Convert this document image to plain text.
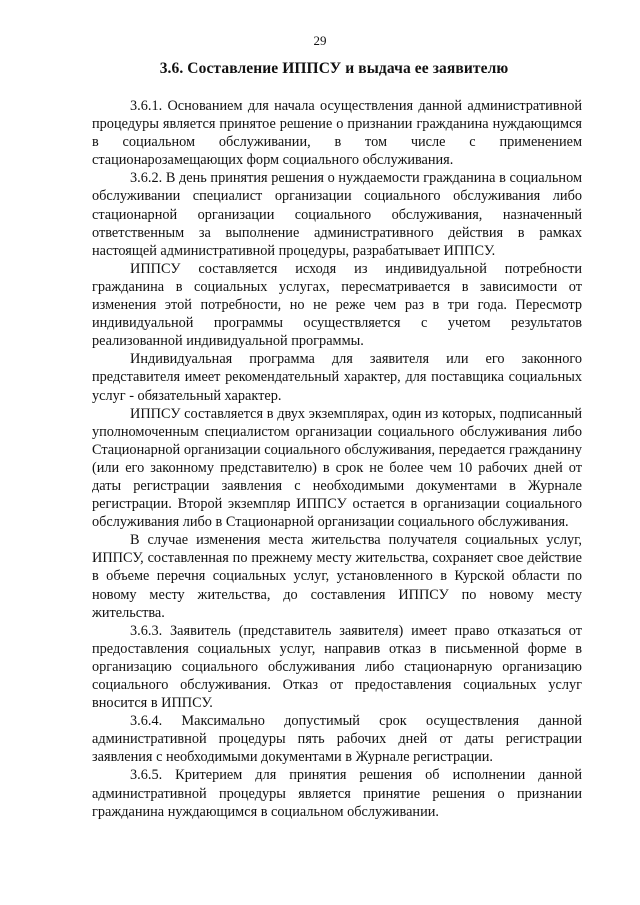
29
3.6. Составление ИППСУ и выдача ее заявителю

3.6.1. Основанием для начала осуществления данной административной процедуры является принятое решение о признании гражданина нуждающимся в социальном обслуживании, в том числе с применением стационарозамещающих форм социального обслуживания.

3.6.2. В день принятия решения о нуждаемости гражданина в социальном обслуживании специалист организации социального обслуживания либо стационарной организации социального обслуживания, назначенный ответственным за выполнение административного действия в рамках настоящей административной процедуры, разрабатывает ИППСУ.

ИППСУ составляется исходя из индивидуальной потребности гражданина в социальных услугах, пересматривается в зависимости от изменения этой потребности, но не реже чем раз в три года. Пересмотр индивидуальной программы осуществляется с учетом результатов реализованной индивидуальной программы.

Индивидуальная программа для заявителя или его законного представителя имеет рекомендательный характер, для поставщика социальных услуг - обязательный характер.

ИППСУ составляется в двух экземплярах, один из которых, подписанный уполномоченным специалистом организации социального обслуживания либо Стационарной организации социального обслуживания, передается гражданину (или его законному представителю) в срок не более чем 10 рабочих дней от даты регистрации заявления с необходимыми документами в Журнале регистрации. Второй экземпляр ИППСУ остается в организации социального обслуживания либо в Стационарной организации социального обслуживания.

В случае изменения места жительства получателя социальных услуг, ИППСУ, составленная по прежнему месту жительства, сохраняет свое действие в объеме перечня социальных услуг, установленного в Курской области по новому месту жительства, до составления ИППСУ по новому месту жительства.

3.6.3. Заявитель (представитель заявителя) имеет право отказаться от предоставления социальных услуг, направив отказ в письменной форме в организацию социального обслуживания либо стационарную организацию социального обслуживания. Отказ от предоставления социальных услуг вносится в ИППСУ.

3.6.4. Максимально допустимый срок осуществления данной административной процедуры пять рабочих дней от даты регистрации заявления с необходимыми документами в Журнале регистрации.

3.6.5. Критерием для принятия решения об исполнении данной административной процедуры является принятие решения о признании гражданина нуждающимся в социальном обслуживании.
